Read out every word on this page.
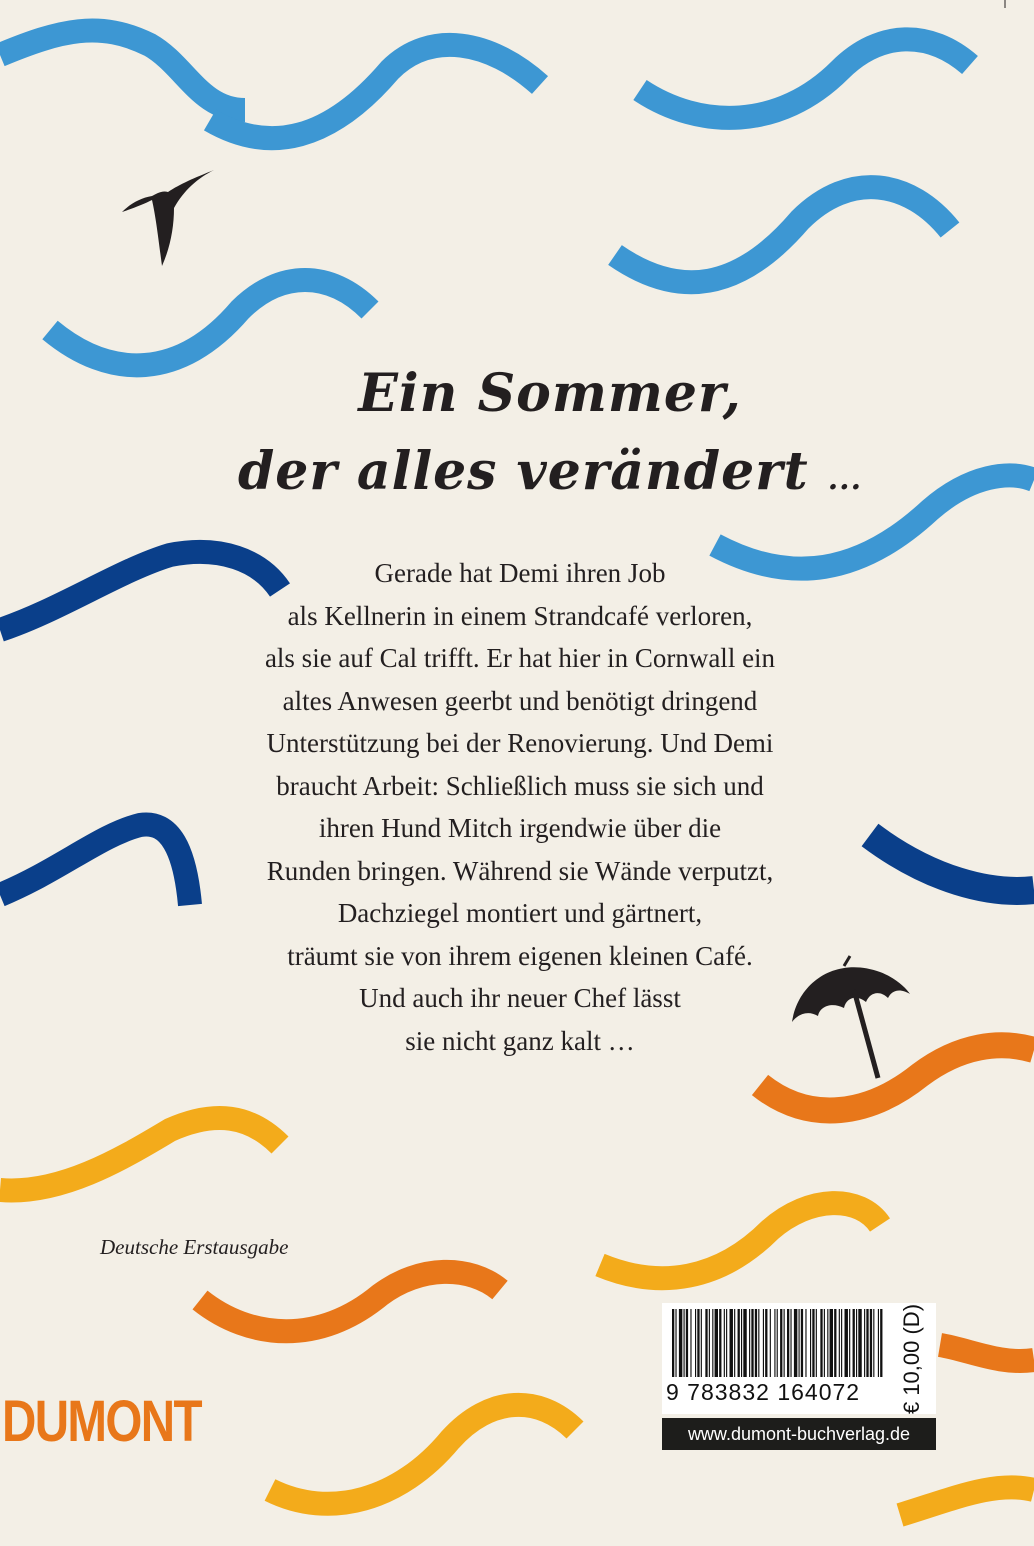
Ein Sommer,
der alles verändert ...
Gerade hat Demi ihren Job
als Kellnerin in einem Strandcafé verloren,
als sie auf Cal trifft. Er hat hier in Cornwall ein
altes Anwesen geerbt und benötigt dringend
Unterstützung bei der Renovierung. Und Demi
braucht Arbeit: Schließlich muss sie sich und
ihren Hund Mitch irgendwie über die
Runden bringen. Während sie Wände verputzt,
Dachziegel montiert und gärtnert,
träumt sie von ihrem eigenen kleinen Café.
Und auch ihr neuer Chef lässt
sie nicht ganz kalt …
Deutsche Erstausgabe
DUMONT	9 783832 164072	€ 10,00 (D)
www.dumont-buchverlag.de
